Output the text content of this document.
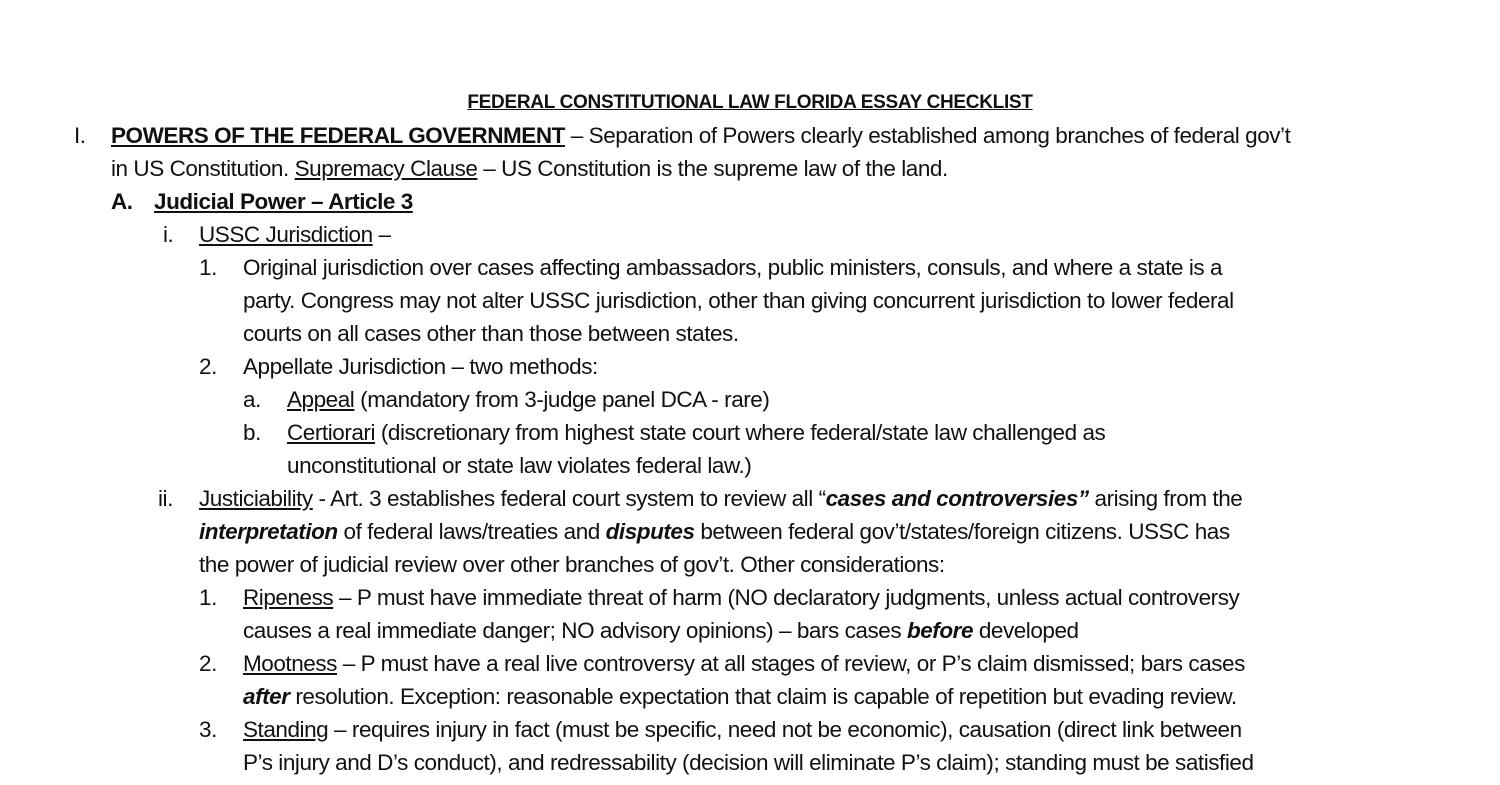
FEDERAL CONSTITUTIONAL LAW FLORIDA ESSAY CHECKLIST
I. POWERS OF THE FEDERAL GOVERNMENT – Separation of Powers clearly established among branches of federal gov’t
in US Constitution. Supremacy Clause – US Constitution is the supreme law of the land.
A. Judicial Power – Article 3
i. USSC Jurisdiction –
1. Original jurisdiction over cases affecting ambassadors, public ministers, consuls, and where a state is a
party. Congress may not alter USSC jurisdiction, other than giving concurrent jurisdiction to lower federal
courts on all cases other than those between states.
2. Appellate Jurisdiction – two methods:
a. Appeal (mandatory from 3-judge panel DCA - rare)
b. Certiorari (discretionary from highest state court where federal/state law challenged as
unconstitutional or state law violates federal law.)
ii. Justiciability - Art. 3 establishes federal court system to review all “cases and controversies” arising from the
interpretation of federal laws/treaties and disputes between federal gov’t/states/foreign citizens. USSC has
the power of judicial review over other branches of gov’t. Other considerations:
1. Ripeness – P must have immediate threat of harm (NO declaratory judgments, unless actual controversy
causes a real immediate danger; NO advisory opinions) – bars cases before developed
2. Mootness – P must have a real live controversy at all stages of review, or P’s claim dismissed; bars cases
after resolution. Exception: reasonable expectation that claim is capable of repetition but evading review.
3. Standing – requires injury in fact (must be specific, need not be economic), causation (direct link between
P’s injury and D’s conduct), and redressability (decision will eliminate P’s claim); standing must be satisfied
